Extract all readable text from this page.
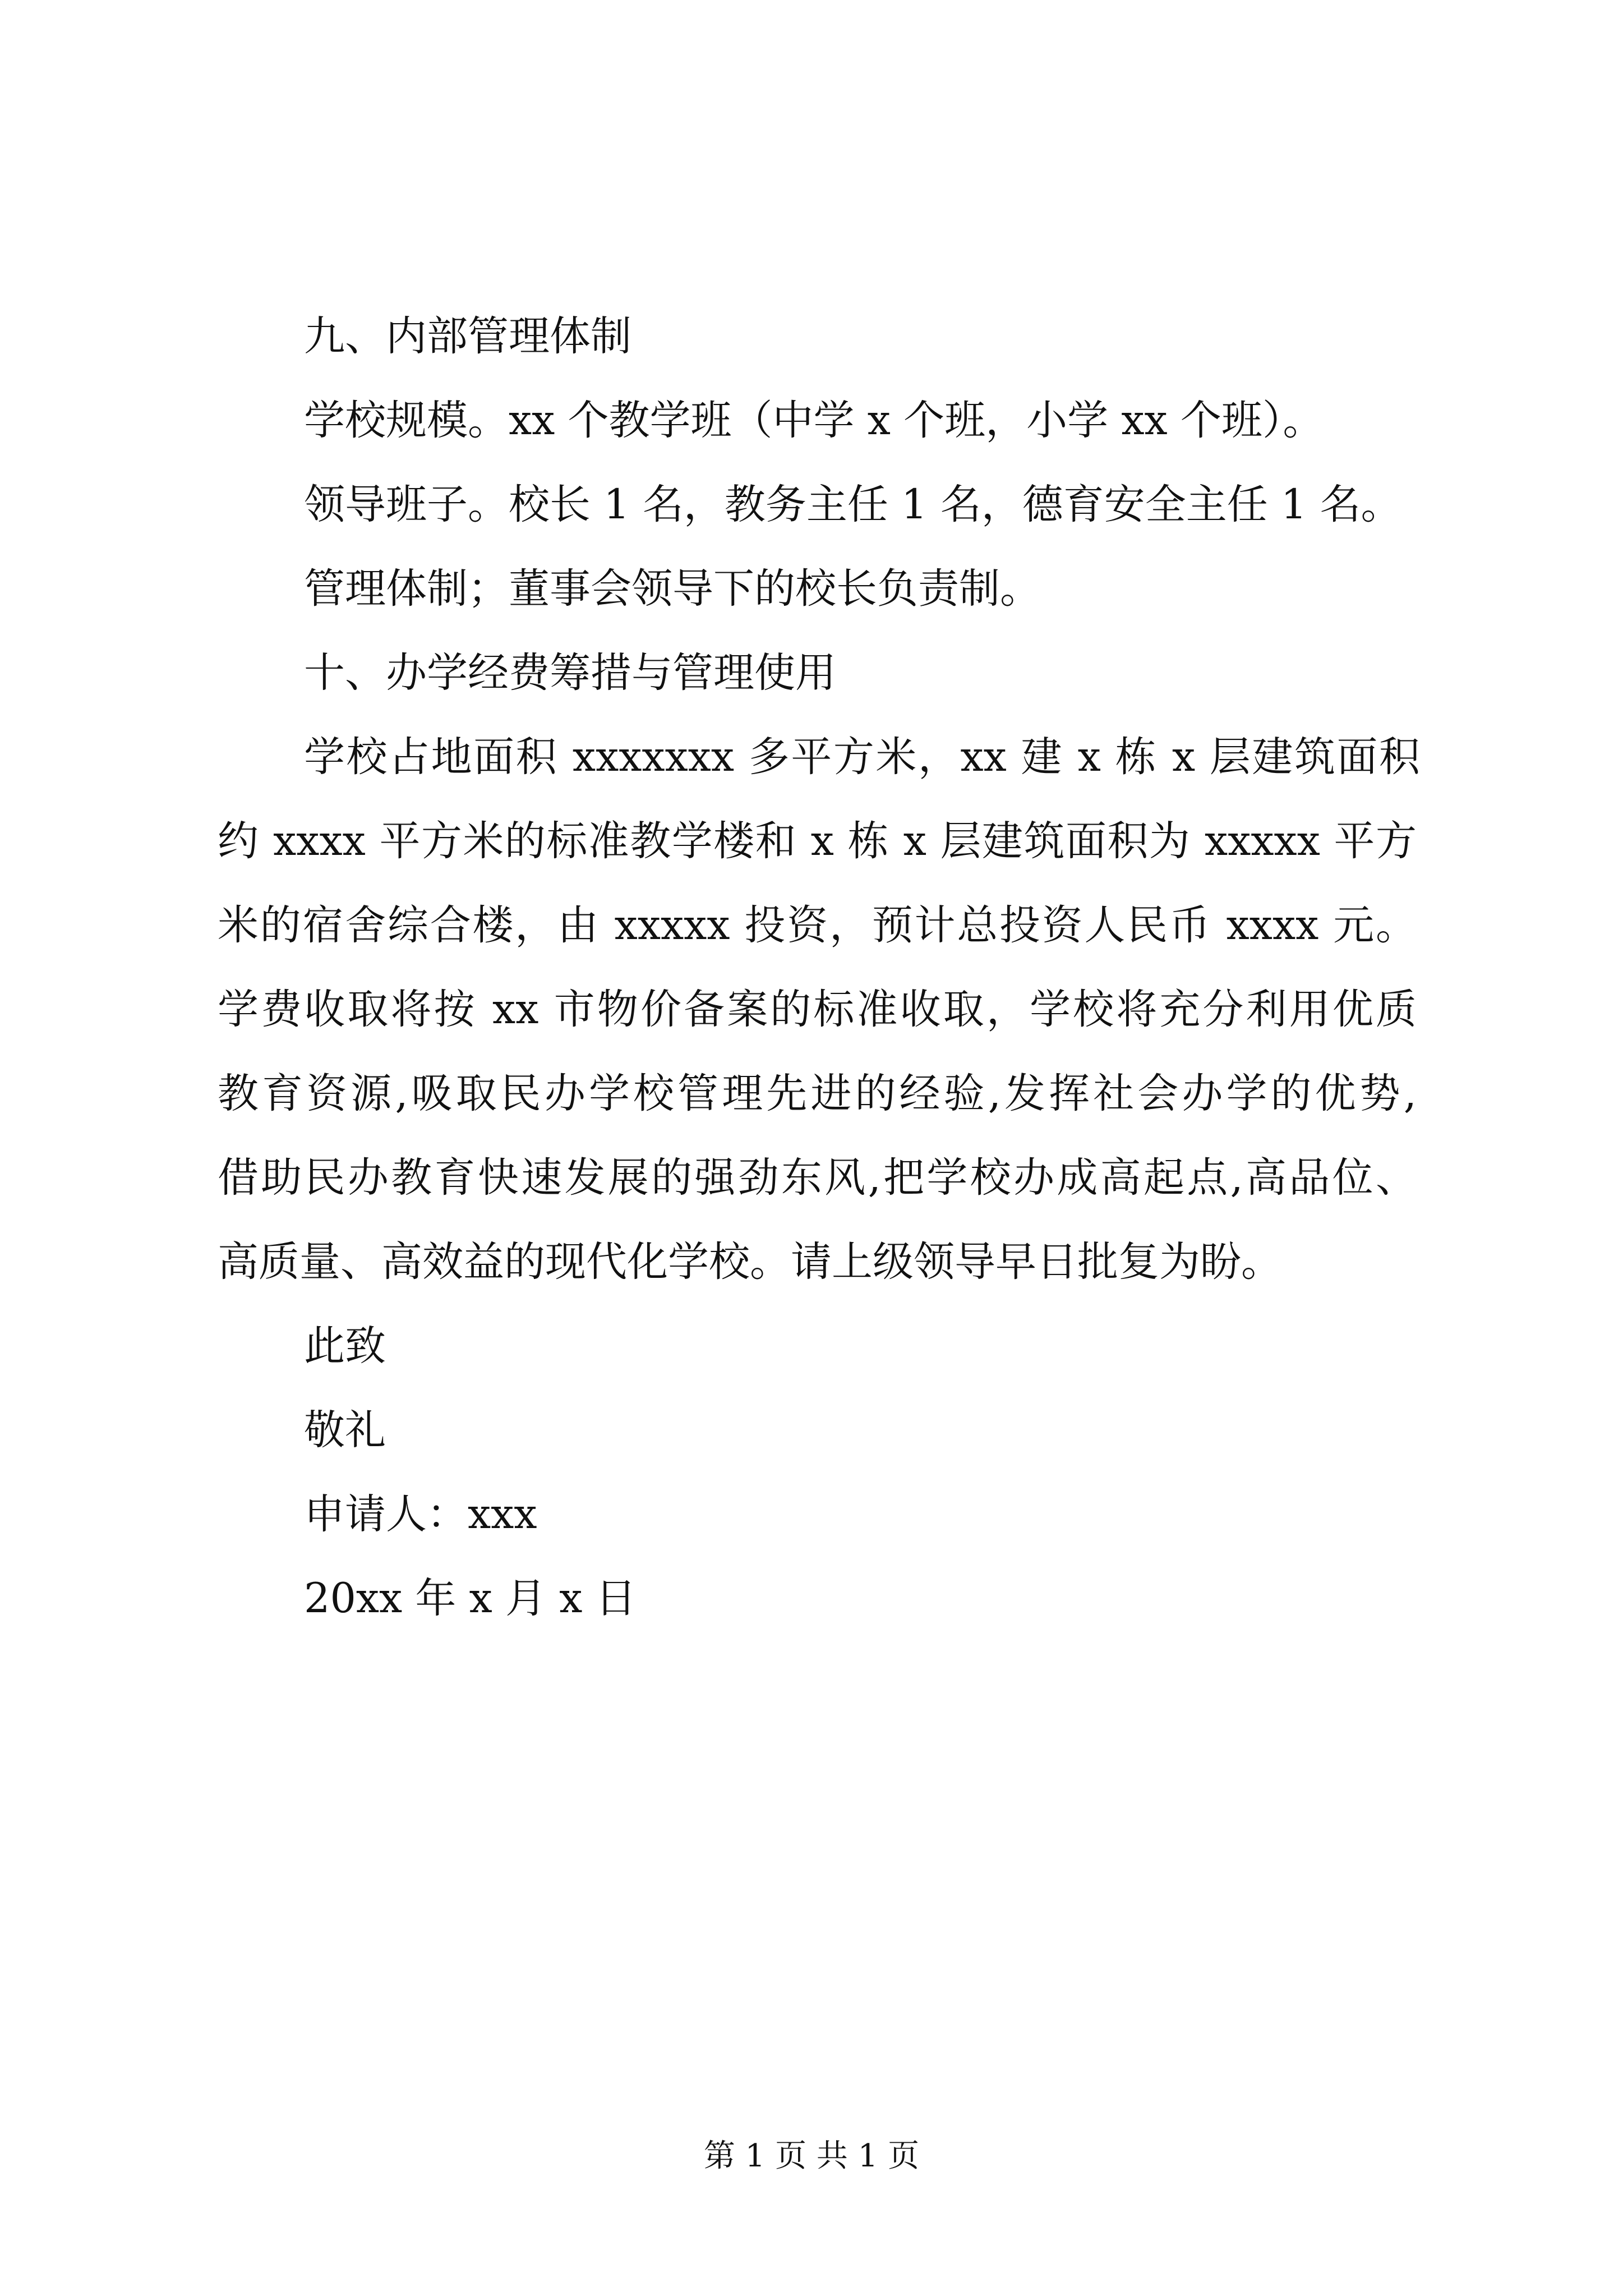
九、内部管理体制
学校规模。xx 个教学班（中学 x 个班，小学 xx 个班）。
领导班子。校长 1 名，教务主任 1 名，德育安全主任 1 名。
管理体制；董事会领导下的校长负责制。
十、办学经费筹措与管理使用
学校占地面积 xxxxxxx 多平方米，xx 建 x 栋 x 层建筑面积
约 xxxx 平方米的标准教学楼和 x 栋 x 层建筑面积为 xxxxx 平方
米的宿舍综合楼，由 xxxxx 投资，预计总投资人民币 xxxx 元。
学费收取将按 xx 市物价备案的标准收取，学校将充分利用优质
教育资源,吸取民办学校管理先进的经验,发挥社会办学的优势,
借助民办教育快速发展的强劲东风,把学校办成高起点,高品位、
高质量、高效益的现代化学校。请上级领导早日批复为盼。
此致
敬礼
申请人：xxx
20xx 年 x 月 x 日
第 1 页 共 1 页
